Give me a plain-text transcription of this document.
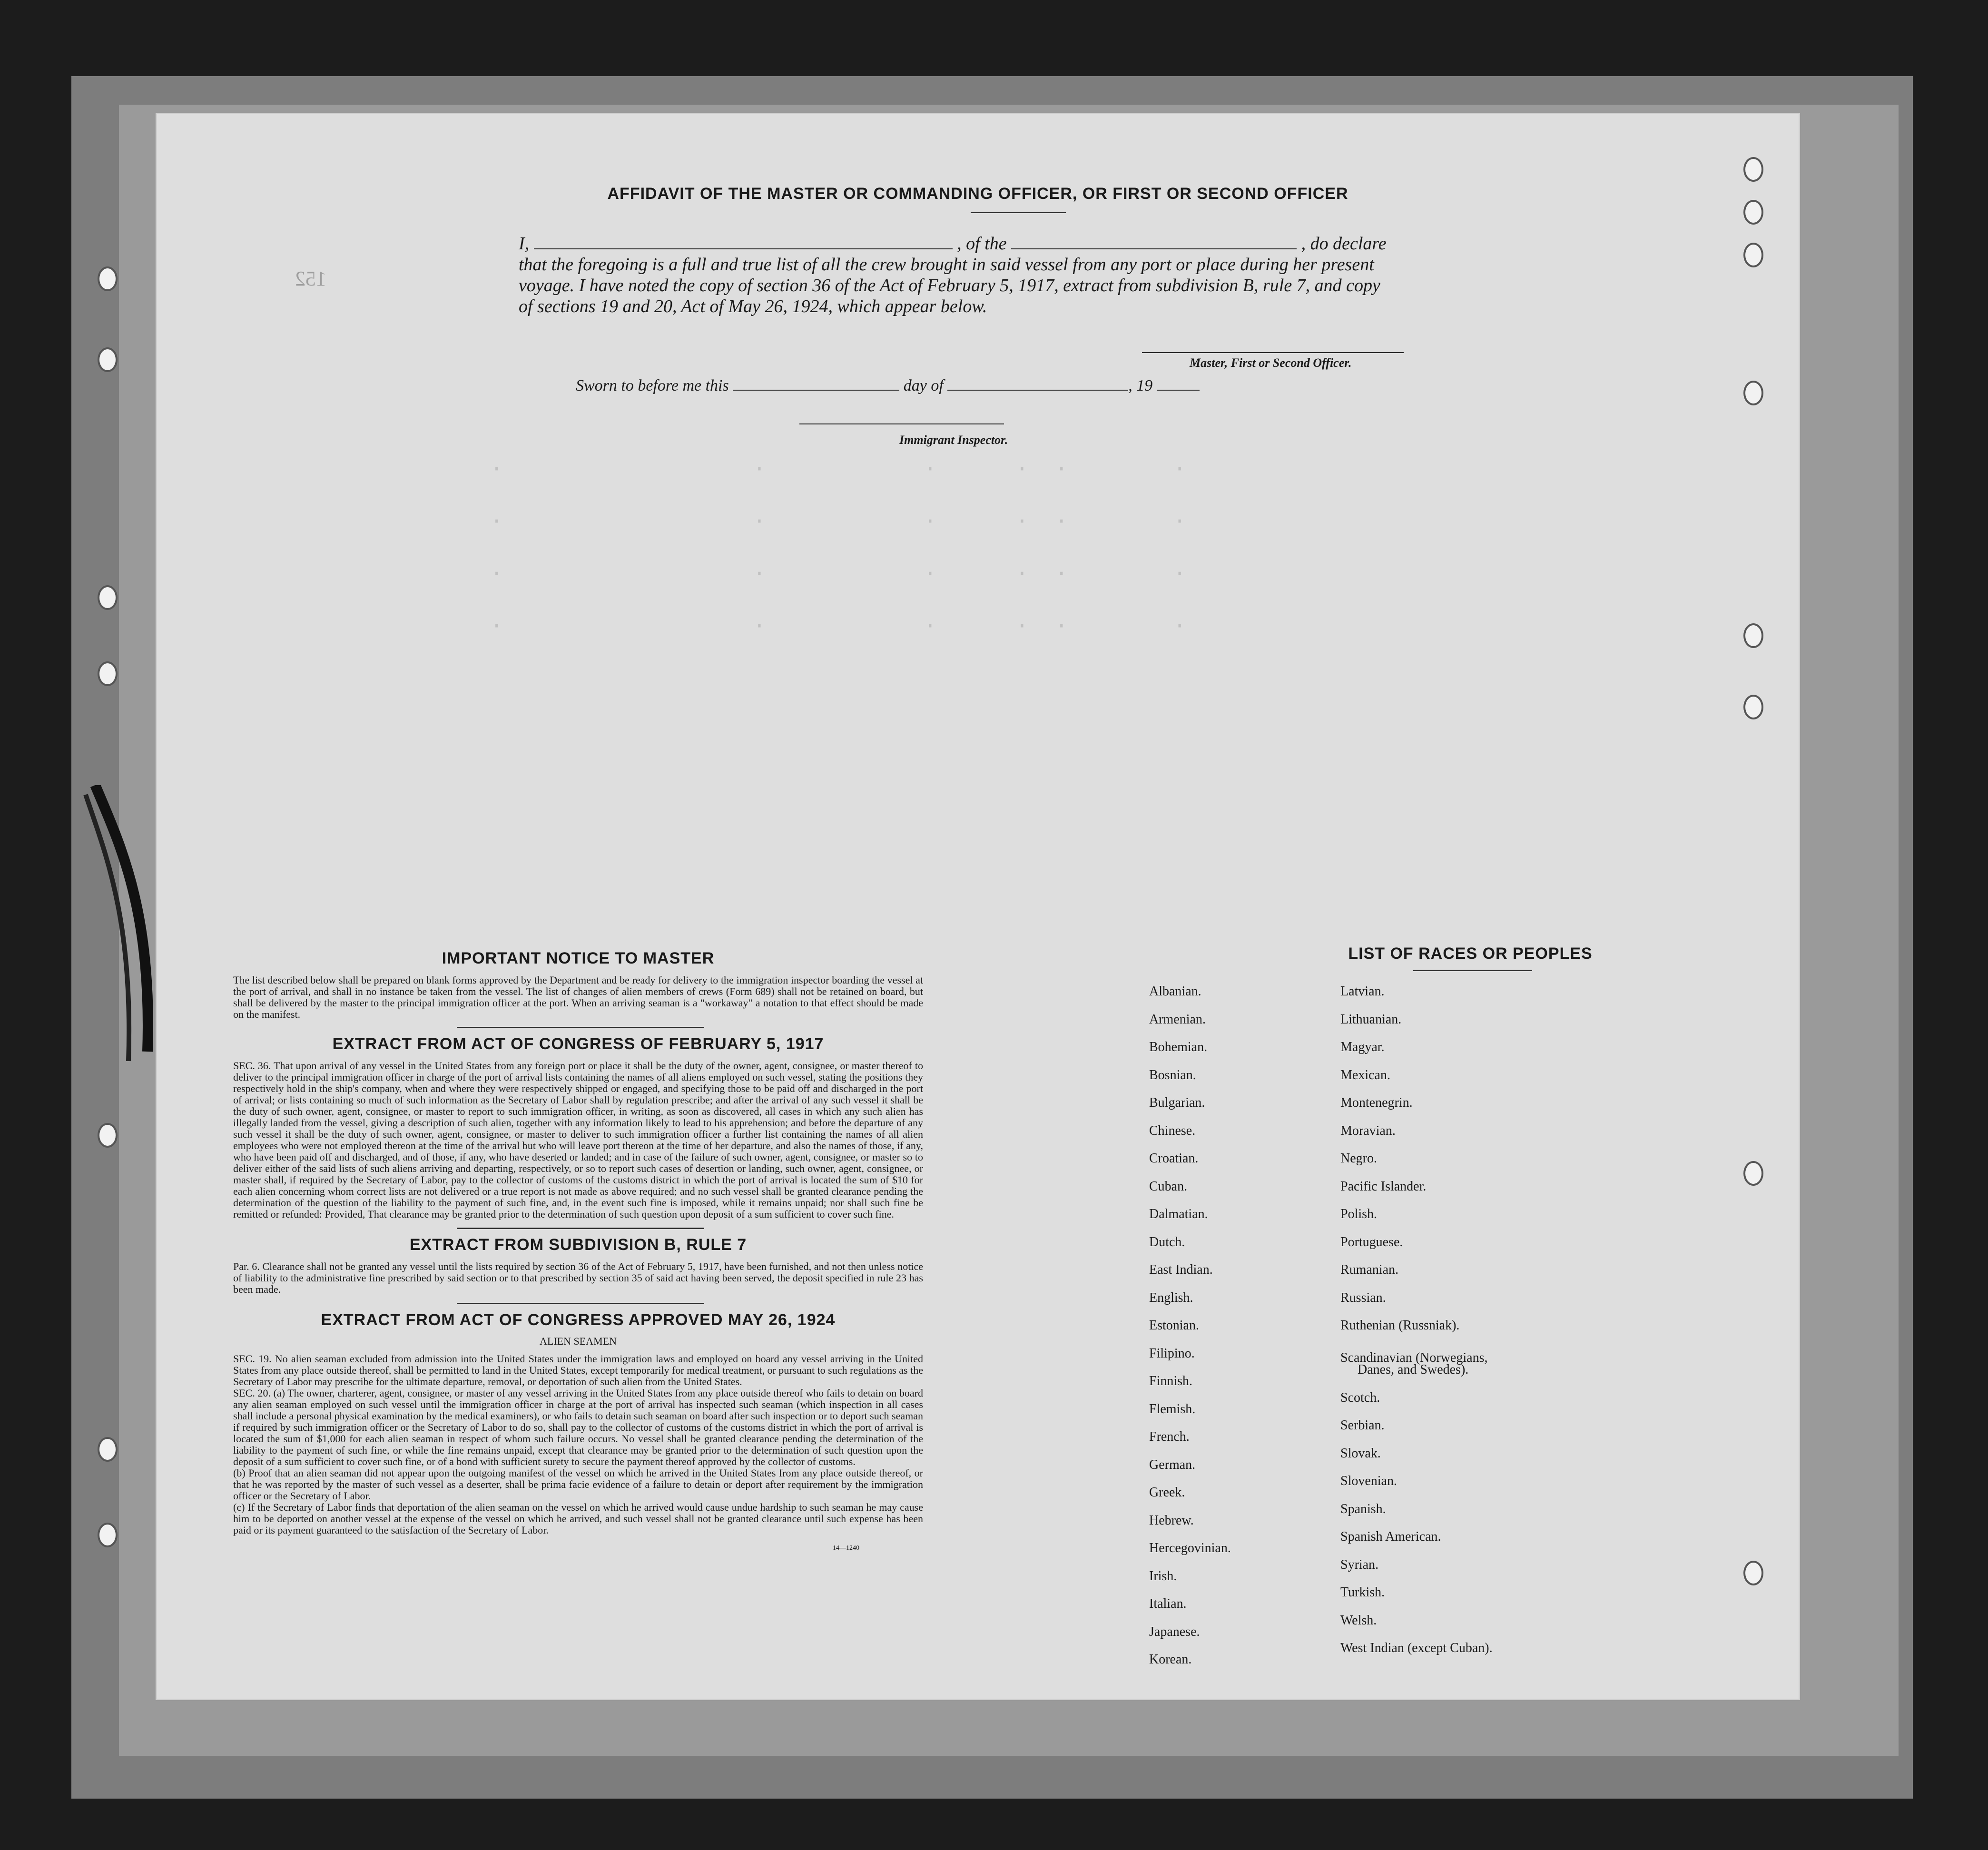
·                   ·            ·      ·  ·        ·
·                   ·            ·      ·  ·        ·
·                   ·            ·      ·  ·        ·
·                   ·            ·      ·  ·        ·
152
AFFIDAVIT OF THE MASTER OR COMMANDING OFFICER, OR FIRST OR SECOND OFFICER
I,	, of the	, do declare
that the foregoing is a full and true list of all the crew brought in said vessel from any port or place during her present
voyage. I have noted the copy of section 36 of the Act of February 5, 1917, extract from subdivision B, rule 7, and copy
of sections 19 and 20, Act of May 26, 1924, which appear below.
Master, First or Second Officer.
Sworn to before me this	day of	, 19
Immigrant Inspector.
IMPORTANT NOTICE TO MASTER
The list described below shall be prepared on blank forms approved by the Department and be ready for delivery to the immigration inspector boarding the vessel at the port of arrival, and shall in no instance be taken from the vessel. The list of changes of alien members of crews (Form 689) shall not be retained on board, but shall be delivered by the master to the principal immigration officer at the port. When an arriving seaman is a "workaway" a notation to that effect should be made on the manifest.
EXTRACT FROM ACT OF CONGRESS OF FEBRUARY 5, 1917
SEC. 36. That upon arrival of any vessel in the United States from any foreign port or place it shall be the duty of the owner, agent, consignee, or master thereof to deliver to the principal immigration officer in charge of the port of arrival lists containing the names of all aliens employed on such vessel, stating the positions they respectively hold in the ship's company, when and where they were respectively shipped or engaged, and specifying those to be paid off and discharged in the port of arrival; or lists containing so much of such information as the Secretary of Labor shall by regulation prescribe; and after the arrival of any such vessel it shall be the duty of such owner, agent, consignee, or master to report to such immigration officer, in writing, as soon as discovered, all cases in which any such alien has illegally landed from the vessel, giving a description of such alien, together with any information likely to lead to his apprehension; and before the departure of any such vessel it shall be the duty of such owner, agent, consignee, or master to deliver to such immigration officer a further list containing the names of all alien employees who were not employed thereon at the time of the arrival but who will leave port thereon at the time of her departure, and also the names of those, if any, who have been paid off and discharged, and of those, if any, who have deserted or landed; and in case of the failure of such owner, agent, consignee, or master so to deliver either of the said lists of such aliens arriving and departing, respectively, or so to report such cases of desertion or landing, such owner, agent, consignee, or master shall, if required by the Secretary of Labor, pay to the collector of customs of the customs district in which the port of arrival is located the sum of $10 for each alien concerning whom correct lists are not delivered or a true report is not made as above required; and no such vessel shall be granted clearance pending the determination of the question of the liability to the payment of such fine, and, in the event such fine is imposed, while it remains unpaid; nor shall such fine be remitted or refunded: Provided, That clearance may be granted prior to the determination of such question upon deposit of a sum sufficient to cover such fine.
EXTRACT FROM SUBDIVISION B, RULE 7
Par. 6. Clearance shall not be granted any vessel until the lists required by section 36 of the Act of February 5, 1917, have been furnished, and not then unless notice of liability to the administrative fine prescribed by said section or to that prescribed by section 35 of said act having been served, the deposit specified in rule 23 has been made.
EXTRACT FROM ACT OF CONGRESS APPROVED MAY 26, 1924
ALIEN SEAMEN
SEC. 19. No alien seaman excluded from admission into the United States under the immigration laws and employed on board any vessel arriving in the United States from any place outside thereof, shall be permitted to land in the United States, except temporarily for medical treatment, or pursuant to such regulations as the Secretary of Labor may prescribe for the ultimate departure, removal, or deportation of such alien from the United States.
SEC. 20. (a) The owner, charterer, agent, consignee, or master of any vessel arriving in the United States from any place outside thereof who fails to detain on board any alien seaman employed on such vessel until the immigration officer in charge at the port of arrival has inspected such seaman (which inspection in all cases shall include a personal physical examination by the medical examiners), or who fails to detain such seaman on board after such inspection or to deport such seaman if required by such immigration officer or the Secretary of Labor to do so, shall pay to the collector of customs of the customs district in which the port of arrival is located the sum of $1,000 for each alien seaman in respect of whom such failure occurs. No vessel shall be granted clearance pending the determination of the liability to the payment of such fine, or while the fine remains unpaid, except that clearance may be granted prior to the determination of such question upon the deposit of a sum sufficient to cover such fine, or of a bond with sufficient surety to secure the payment thereof approved by the collector of customs.
(b) Proof that an alien seaman did not appear upon the outgoing manifest of the vessel on which he arrived in the United States from any place outside thereof, or that he was reported by the master of such vessel as a deserter, shall be prima facie evidence of a failure to detain or deport after requirement by the immigration officer or the Secretary of Labor.
(c) If the Secretary of Labor finds that deportation of the alien seaman on the vessel on which he arrived would cause undue hardship to such seaman he may cause him to be deported on another vessel at the expense of the vessel on which he arrived, and such vessel shall not be granted clearance until such expense has been paid or its payment guaranteed to the satisfaction of the Secretary of Labor.
14—1240
LIST OF RACES OR PEOPLES
Albanian.
Armenian.
Bohemian.
Bosnian.
Bulgarian.
Chinese.
Croatian.
Cuban.
Dalmatian.
Dutch.
East Indian.
English.
Estonian.
Filipino.
Finnish.
Flemish.
French.
German.
Greek.
Hebrew.
Hercegovinian.
Irish.
Italian.
Japanese.
Korean.
Latvian.
Lithuanian.
Magyar.
Mexican.
Montenegrin.
Moravian.
Negro.
Pacific Islander.
Polish.
Portuguese.
Rumanian.
Russian.
Ruthenian (Russniak).
Scandinavian (Norwegians,
Danes, and Swedes).
Scotch.
Serbian.
Slovak.
Slovenian.
Spanish.
Spanish American.
Syrian.
Turkish.
Welsh.
West Indian (except Cuban).
